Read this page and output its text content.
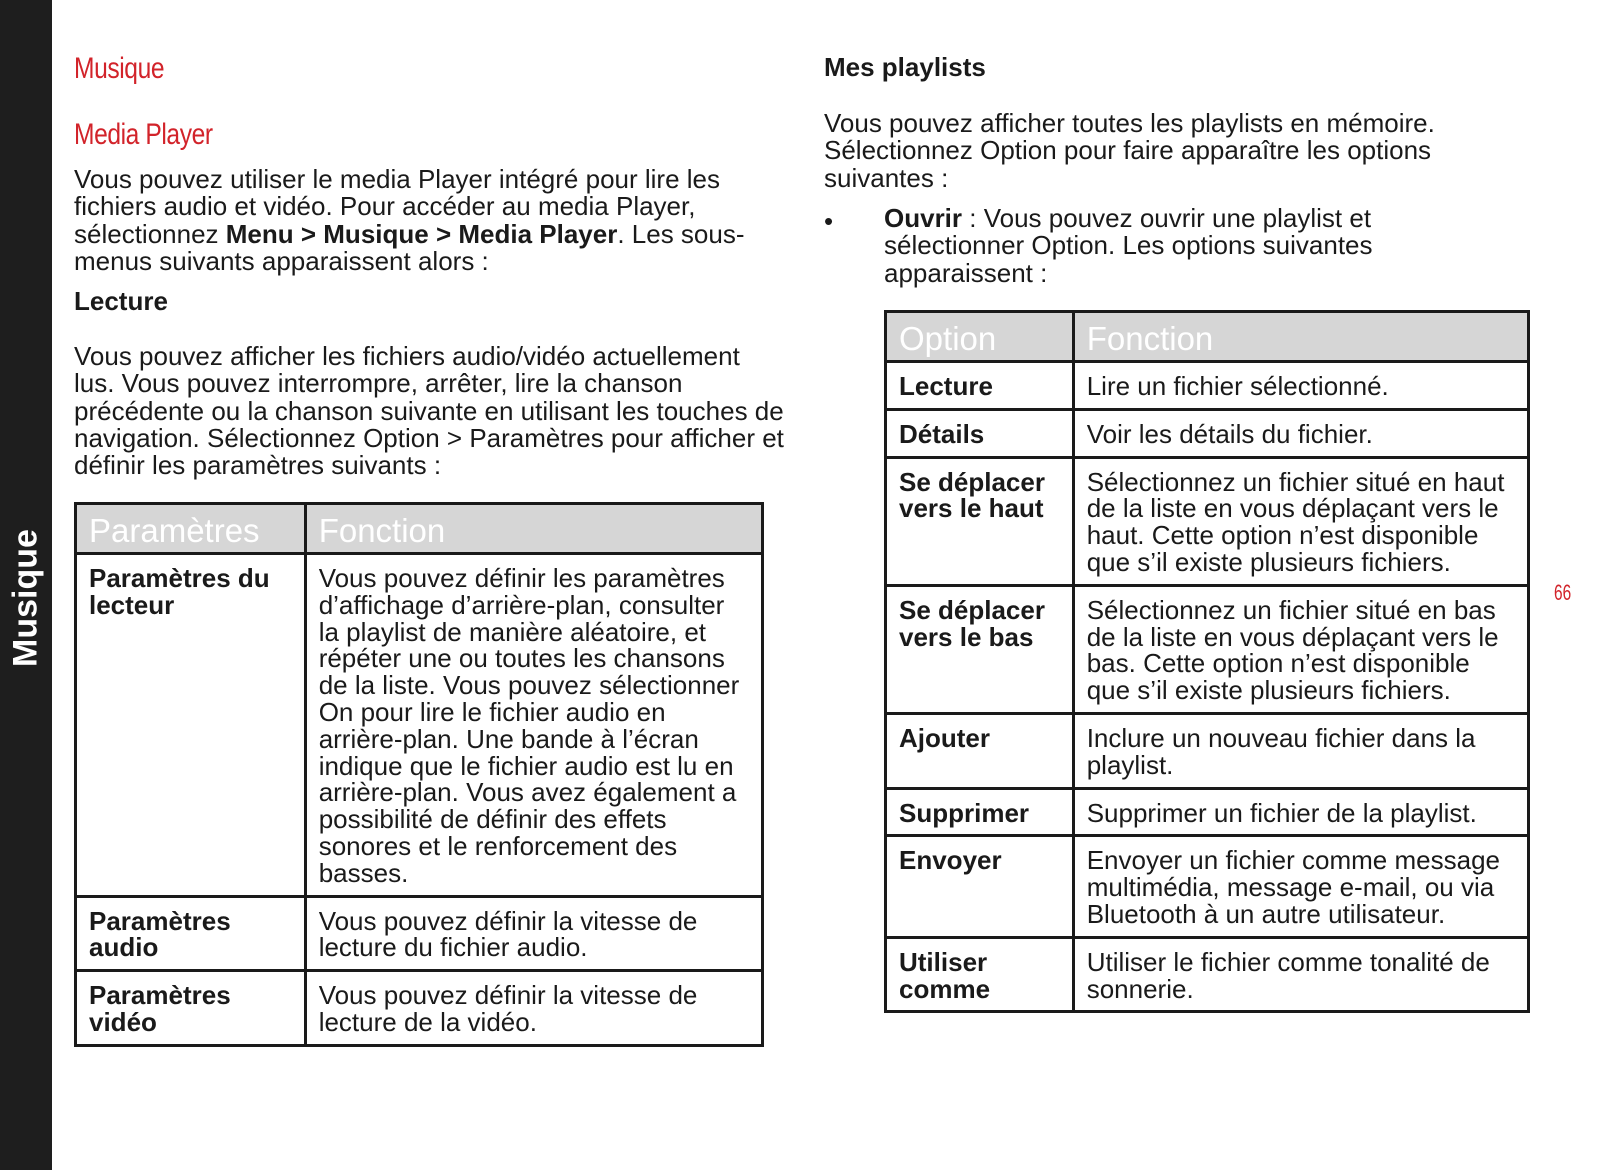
Musique
Musique
Media Player
Vous pouvez utiliser le media Player intégré pour lire les fichiers audio et vidéo. Pour accéder au media Player, sélectionnez Menu > Musique > Media Player. Les sous-menus suivants apparaissent alors :
Lecture
Vous pouvez afficher les fichiers audio/vidéo actuellement lus. Vous pouvez interrompre, arrêter, lire la chanson précédente ou la chanson suivante en utilisant les touches de navigation. Sélectionnez Option > Paramètres pour afficher et définir les paramètres suivants :
Paramètres	Fonction
Paramètres du lecteur	Vous pouvez définir les paramètres d’affichage d’arrière-plan, consulter la playlist de manière aléatoire, et répéter une ou toutes les chansons de la liste. Vous pouvez sélectionner On pour lire le fichier audio en arrière-plan. Une bande à l’écran indique que le fichier audio est lu en arrière-plan. Vous avez également a possibilité de définir des effets sonores et le renforcement des basses.
Paramètres audio	Vous pouvez définir la vitesse de lecture du fichier audio.
Paramètres vidéo	Vous pouvez définir la vitesse de lecture de la vidéo.
Mes playlists
Vous pouvez afficher toutes les playlists en mémoire. Sélectionnez Option pour faire apparaître les options suivantes :
• Ouvrir : Vous pouvez ouvrir une playlist et sélectionner Option. Les options suivantes apparaissent :
Option	Fonction
Lecture	Lire un fichier sélectionné.
Détails	Voir les détails du fichier.
Se déplacer vers le haut	Sélectionnez un fichier situé en haut de la liste en vous déplaçant vers le haut. Cette option n’est disponible que s’il existe plusieurs fichiers.
Se déplacer vers le bas	Sélectionnez un fichier situé en bas de la liste en vous déplaçant vers le bas. Cette option n’est disponible que s’il existe plusieurs fichiers.
Ajouter	Inclure un nouveau fichier dans la playlist.
Supprimer	Supprimer un fichier de la playlist.
Envoyer	Envoyer un fichier comme message multimédia, message e-mail, ou via Bluetooth à un autre utilisateur.
Utiliser comme	Utiliser le fichier comme tonalité de sonnerie.
66
